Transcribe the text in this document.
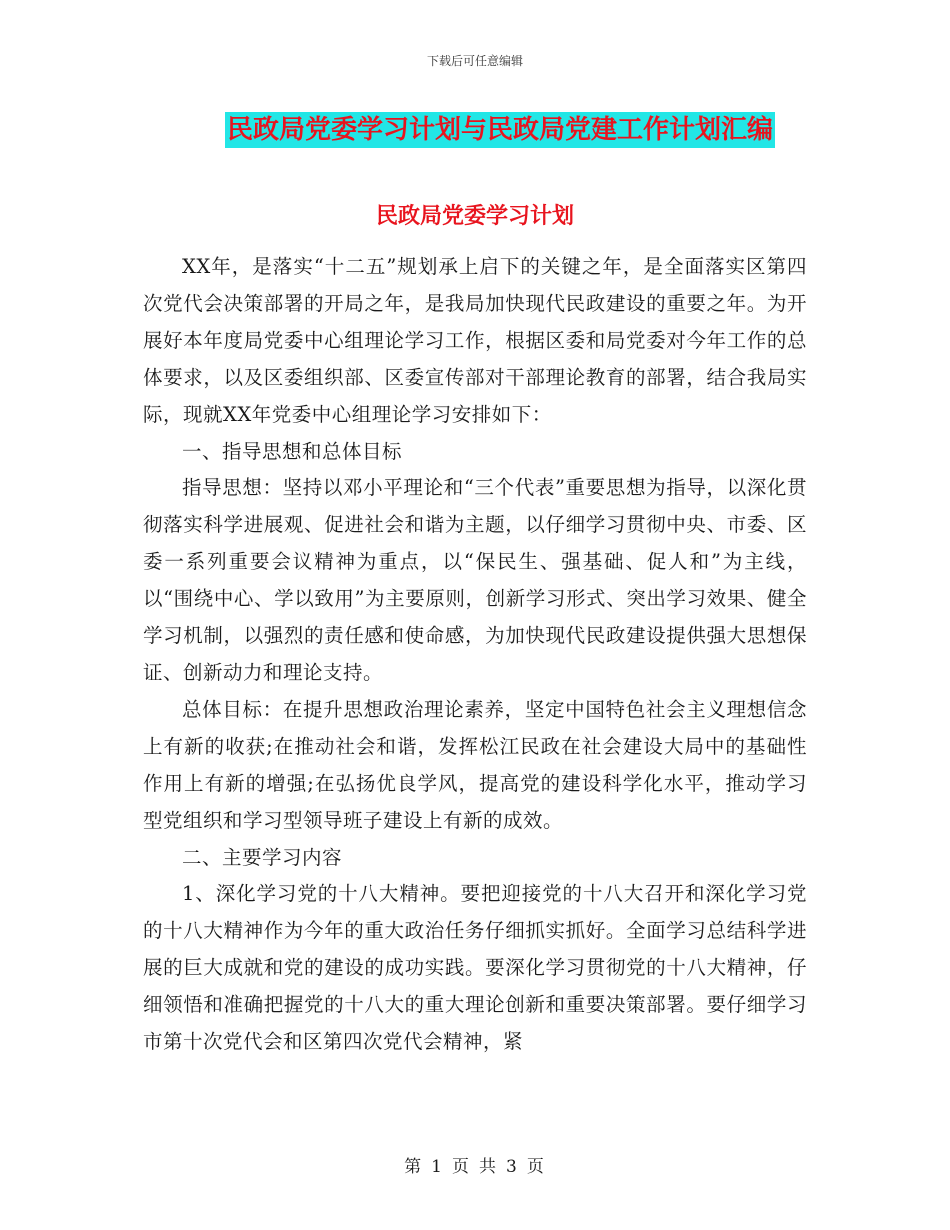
下载后可任意编辑
民政局党委学习计划与民政局党建工作计划汇编
民政局党委学习计划

XX年，是落实“十二五”规划承上启下的关键之年，是全面落实区第四次党代会决策部署的开局之年，是我局加快现代民政建设的重要之年。为开展好本年度局党委中心组理论学习工作，根据区委和局党委对今年工作的总体要求，以及区委组织部、区委宣传部对干部理论教育的部署，结合我局实际，现就XX年党委中心组理论学习安排如下：

一、指导思想和总体目标

指导思想：坚持以邓小平理论和“三个代表”重要思想为指导，以深化贯彻落实科学进展观、促进社会和谐为主题，以仔细学习贯彻中央、市委、区委一系列重要会议精神为重点，以“保民生、强基础、促人和”为主线，以“围绕中心、学以致用”为主要原则，创新学习形式、突出学习效果、健全学习机制，以强烈的责任感和使命感，为加快现代民政建设提供强大思想保证、创新动力和理论支持。

总体目标：在提升思想政治理论素养，坚定中国特色社会主义理想信念上有新的收获;在推动社会和谐，发挥松江民政在社会建设大局中的基础性作用上有新的增强;在弘扬优良学风，提高党的建设科学化水平，推动学习型党组织和学习型领导班子建设上有新的成效。

二、主要学习内容

1、深化学习党的十八大精神。要把迎接党的十八大召开和深化学习党的十八大精神作为今年的重大政治任务仔细抓实抓好。全面学习总结科学进展的巨大成就和党的建设的成功实践。要深化学习贯彻党的十八大精神，仔细领悟和准确把握党的十八大的重大理论创新和重要决策部署。要仔细学习市第十次党代会和区第四次党代会精神，紧

第 1 页 共 3 页
